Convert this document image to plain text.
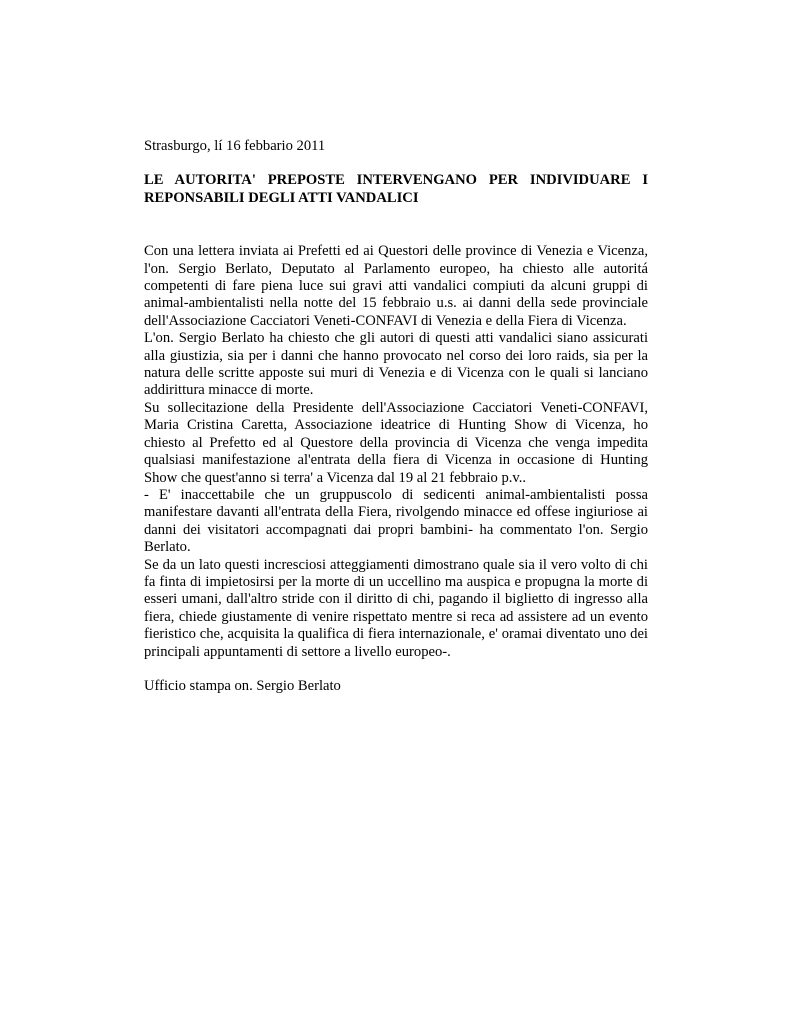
Strasburgo, lí 16 febbario 2011

LE AUTORITA' PREPOSTE INTERVENGANO PER INDIVIDUARE I REPONSABILI DEGLI ATTI VANDALICI

Con una lettera inviata ai Prefetti ed ai Questori delle province di Venezia e Vicenza, l'on. Sergio Berlato, Deputato al Parlamento europeo, ha chiesto alle autoritá competenti di fare piena luce sui gravi atti vandalici compiuti da alcuni gruppi di animal-ambientalisti nella notte del 15 febbraio u.s. ai danni della sede provinciale dell'Associazione Cacciatori Veneti-CONFAVI di Venezia e della Fiera di Vicenza.

L'on. Sergio Berlato ha chiesto che gli autori di questi atti vandalici siano assicurati alla giustizia, sia per i danni che hanno provocato nel corso dei loro raids, sia per la natura delle scritte apposte sui muri di Venezia e di Vicenza con le quali si lanciano addirittura minacce di morte.

Su sollecitazione della Presidente dell'Associazione Cacciatori Veneti-CONFAVI, Maria Cristina Caretta, Associazione ideatrice di Hunting Show di Vicenza, ho chiesto al Prefetto ed al Questore della provincia di Vicenza che venga impedita qualsiasi manifestazione al'entrata della fiera di Vicenza in occasione di Hunting Show che quest'anno si terra' a Vicenza dal 19 al 21 febbraio p.v..

- E' inaccettabile che un gruppuscolo di sedicenti animal-ambientalisti possa manifestare davanti all'entrata della Fiera, rivolgendo minacce ed offese ingiuriose ai danni dei visitatori accompagnati dai propri bambini- ha commentato l'on. Sergio Berlato.

Se da un lato questi incresciosi atteggiamenti dimostrano quale sia il vero volto di chi fa finta di impietosirsi per la morte di un uccellino ma auspica e propugna la morte di esseri umani, dall'altro stride con il diritto di chi, pagando il biglietto di ingresso alla fiera, chiede giustamente di venire rispettato mentre si reca ad assistere ad un evento fieristico che, acquisita la qualifica di fiera internazionale, e' oramai diventato uno dei principali appuntamenti di settore a livello europeo-.

Ufficio stampa on. Sergio Berlato
